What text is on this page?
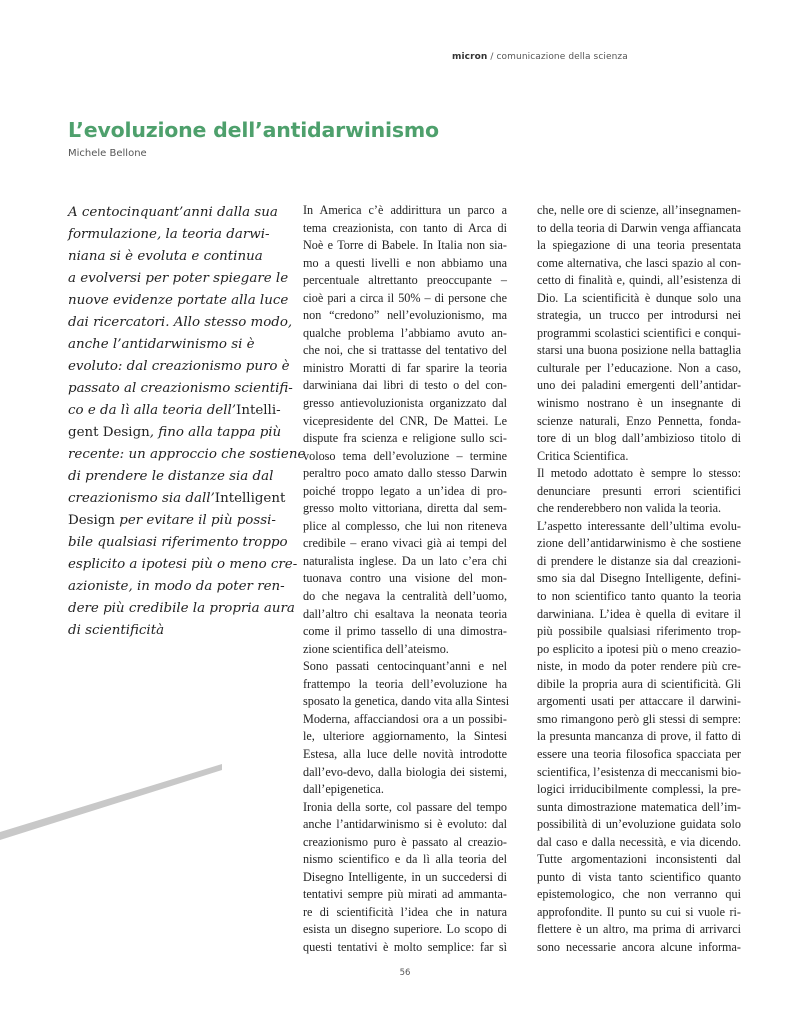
micron / comunicazione della scienza
L’evoluzione dell’antidarwinismo
Michele Bellone
A centocinquant’anni dalla sua
formulazione, la teoria darwi-
niana si è evoluta e continua
a evolversi per poter spiegare le
nuove evidenze portate alla luce
dai ricercatori. Allo stesso modo,
anche l’antidarwinismo si è
evoluto: dal creazionismo puro è
passato al creazionismo scientifi-
co e da lì alla teoria dell’Intelli-
gent Design, fino alla tappa più
recente: un approccio che sostiene
di prendere le distanze sia dal
creazionismo sia dall’Intelligent
Design per evitare il più possi-
bile qualsiasi riferimento troppo
esplicito a ipotesi più o meno cre-
azioniste, in modo da poter ren-
dere più credibile la propria aura
di scientificità
In America c’è addirittura un parco a
tema creazionista, con tanto di Arca di
Noè e Torre di Babele. In Italia non sia-
mo a questi livelli e non abbiamo una
percentuale altrettanto preoccupante –
cioè pari a circa il 50% – di persone che
non “credono” nell’evoluzionismo, ma
qualche problema l’abbiamo avuto an-
che noi, che si trattasse del tentativo del
ministro Moratti di far sparire la teoria
darwiniana dai libri di testo o del con-
gresso antievoluzionista organizzato dal
vicepresidente del CNR, De Mattei. Le
dispute fra scienza e religione sullo sci-
voloso tema dell’evoluzione – termine
peraltro poco amato dallo stesso Darwin
poiché troppo legato a un’idea di pro-
gresso molto vittoriana, diretta dal sem-
plice al complesso, che lui non riteneva
credibile – erano vivaci già ai tempi del
naturalista inglese. Da un lato c’era chi
tuonava contro una visione del mon-
do che negava la centralità dell’uomo,
dall’altro chi esaltava la neonata teoria
come il primo tassello di una dimostra-
zione scientifica dell’ateismo.
Sono passati centocinquant’anni e nel
frattempo la teoria dell’evoluzione ha
sposato la genetica, dando vita alla Sintesi
Moderna, affacciandosi ora a un possibi-
le, ulteriore aggiornamento, la Sintesi
Estesa, alla luce delle novità introdotte
dall’evo-devo, dalla biologia dei sistemi,
dall’epigenetica.
Ironia della sorte, col passare del tempo
anche l’antidarwinismo si è evoluto: dal
creazionismo puro è passato al creazio-
nismo scientifico e da lì alla teoria del
Disegno Intelligente, in un succedersi di
tentativi sempre più mirati ad ammanta-
re di scientificità l’idea che in natura
esista un disegno superiore. Lo scopo di
questi tentativi è molto semplice: far sì
che, nelle ore di scienze, all’insegnamen-
to della teoria di Darwin venga affiancata
la spiegazione di una teoria presentata
come alternativa, che lasci spazio al con-
cetto di finalità e, quindi, all’esistenza di
Dio. La scientificità è dunque solo una
strategia, un trucco per introdursi nei
programmi scolastici scientifici e conqui-
starsi una buona posizione nella battaglia
culturale per l’educazione. Non a caso,
uno dei paladini emergenti dell’antidar-
winismo nostrano è un insegnante di
scienze naturali, Enzo Pennetta, fonda-
tore di un blog dall’ambizioso titolo di
Critica Scientifica.
Il metodo adottato è sempre lo stesso:
denunciare presunti errori scientifici
che renderebbero non valida la teoria.
L’aspetto interessante dell’ultima evolu-
zione dell’antidarwinismo è che sostiene
di prendere le distanze sia dal creazioni-
smo sia dal Disegno Intelligente, defini-
to non scientifico tanto quanto la teoria
darwiniana. L’idea è quella di evitare il
più possibile qualsiasi riferimento trop-
po esplicito a ipotesi più o meno creazio-
niste, in modo da poter rendere più cre-
dibile la propria aura di scientificità. Gli
argomenti usati per attaccare il darwini-
smo rimangono però gli stessi di sempre:
la presunta mancanza di prove, il fatto di
essere una teoria filosofica spacciata per
scientifica, l’esistenza di meccanismi bio-
logici irriducibilmente complessi, la pre-
sunta dimostrazione matematica dell’im-
possibilità di un’evoluzione guidata solo
dal caso e dalla necessità, e via dicendo.
Tutte argomentazioni inconsistenti dal
punto di vista tanto scientifico quanto
epistemologico, che non verranno qui
approfondite. Il punto su cui si vuole ri-
flettere è un altro, ma prima di arrivarci
sono necessarie ancora alcune informa-
56
